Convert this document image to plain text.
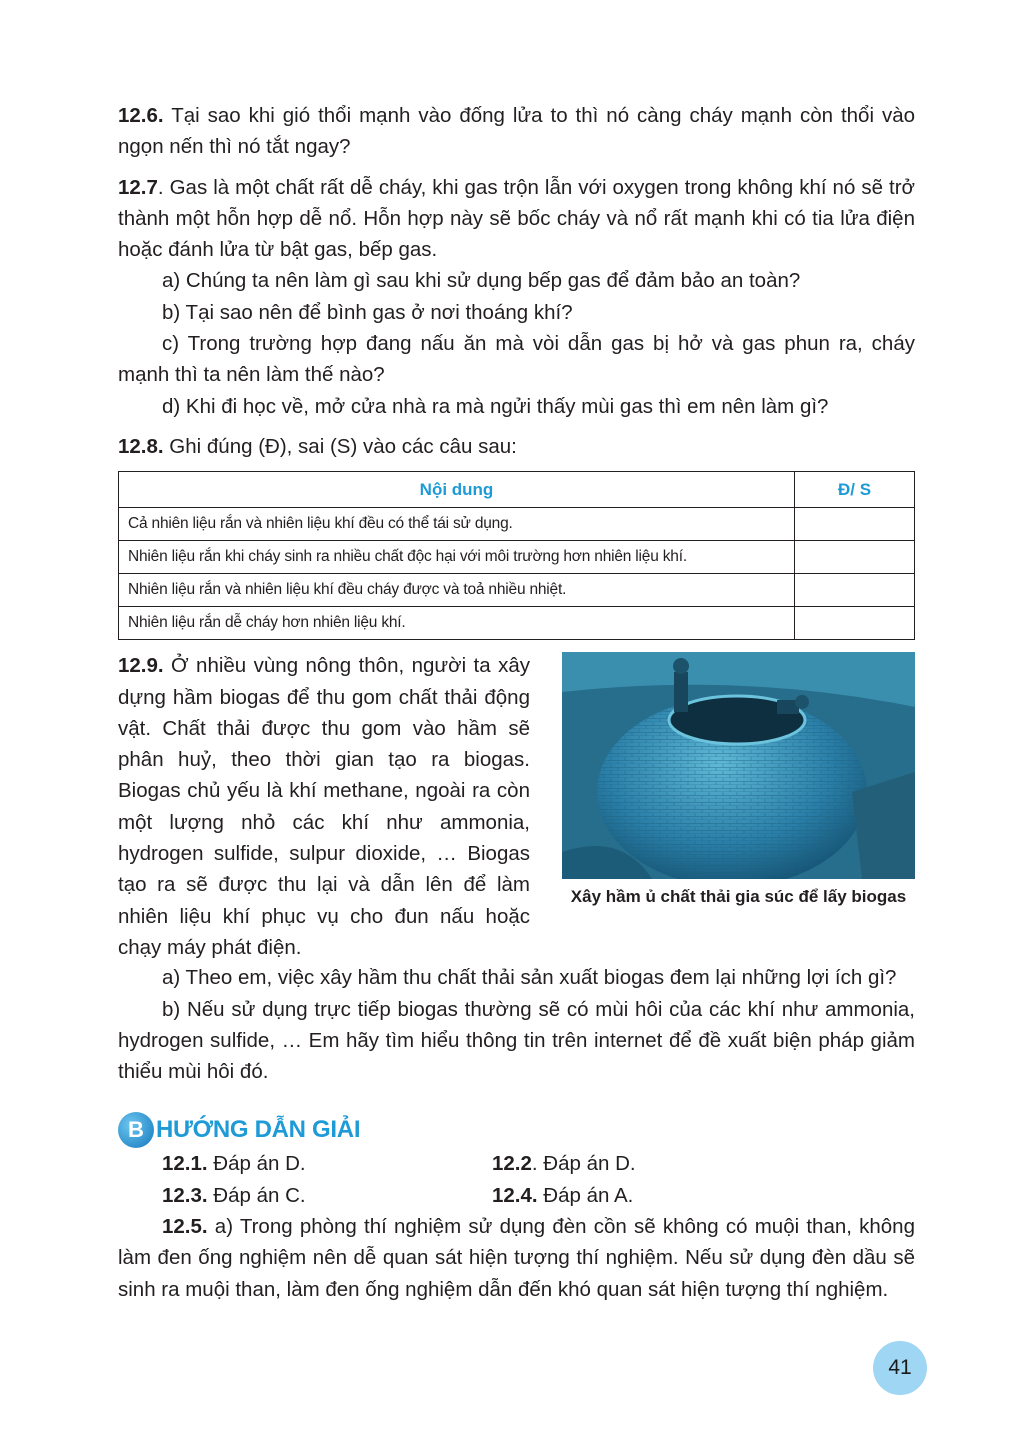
12.6. Tại sao khi gió thổi mạnh vào đống lửa to thì nó càng cháy mạnh còn thổi vào ngọn nến thì nó tắt ngay?

12.7. Gas là một chất rất dễ cháy, khi gas trộn lẫn với oxygen trong không khí nó sẽ trở thành một hỗn hợp dễ nổ. Hỗn hợp này sẽ bốc cháy và nổ rất mạnh khi có tia lửa điện hoặc đánh lửa từ bật gas, bếp gas.

a) Chúng ta nên làm gì sau khi sử dụng bếp gas để đảm bảo an toàn?

b) Tại sao nên để bình gas ở nơi thoáng khí?

c) Trong trường hợp đang nấu ăn mà vòi dẫn gas bị hở và gas phun ra, cháy mạnh thì ta nên làm thế nào?

d) Khi đi học về, mở cửa nhà ra mà ngửi thấy mùi gas thì em nên làm gì?

12.8. Ghi đúng (Đ), sai (S) vào các câu sau:

Nội dung	Đ/ S
Cả nhiên liệu rắn và nhiên liệu khí đều có thể tái sử dụng.	
Nhiên liệu rắn khi cháy sinh ra nhiều chất độc hại với môi trường hơn nhiên liệu khí.	
Nhiên liệu rắn và nhiên liệu khí đều cháy được và toả nhiều nhiệt.	
Nhiên liệu rắn dễ cháy hơn nhiên liệu khí.	

12.9. Ở nhiều vùng nông thôn, người ta xây dựng hầm biogas để thu gom chất thải động vật. Chất thải được thu gom vào hầm sẽ phân huỷ, theo thời gian tạo ra biogas. Biogas chủ yếu là khí methane, ngoài ra còn một lượng nhỏ các khí như ammonia, hydrogen sulfide, sulpur dioxide, … Biogas tạo ra sẽ được thu lại và dẫn lên để làm nhiên liệu khí phục vụ cho đun nấu hoặc chạy máy phát điện.

Xây hầm ủ chất thải gia súc để lấy biogas

a) Theo em, việc xây hầm thu chất thải sản xuất biogas đem lại những lợi ích gì?

b) Nếu sử dụng trực tiếp biogas thường sẽ có mùi hôi của các khí như ammonia, hydrogen sulfide, … Em hãy tìm hiểu thông tin trên internet để đề xuất biện pháp giảm thiểu mùi hôi đó.

B HƯỚNG DẪN GIẢI
12.1. Đáp án D.	12.2. Đáp án D.
12.3. Đáp án C.	12.4. Đáp án A.

12.5. a) Trong phòng thí nghiệm sử dụng đèn cồn sẽ không có muội than, không làm đen ống nghiệm nên dễ quan sát hiện tượng thí nghiệm. Nếu sử dụng đèn dầu sẽ sinh ra muội than, làm đen ống nghiệm dẫn đến khó quan sát hiện tượng thí nghiệm.

41
